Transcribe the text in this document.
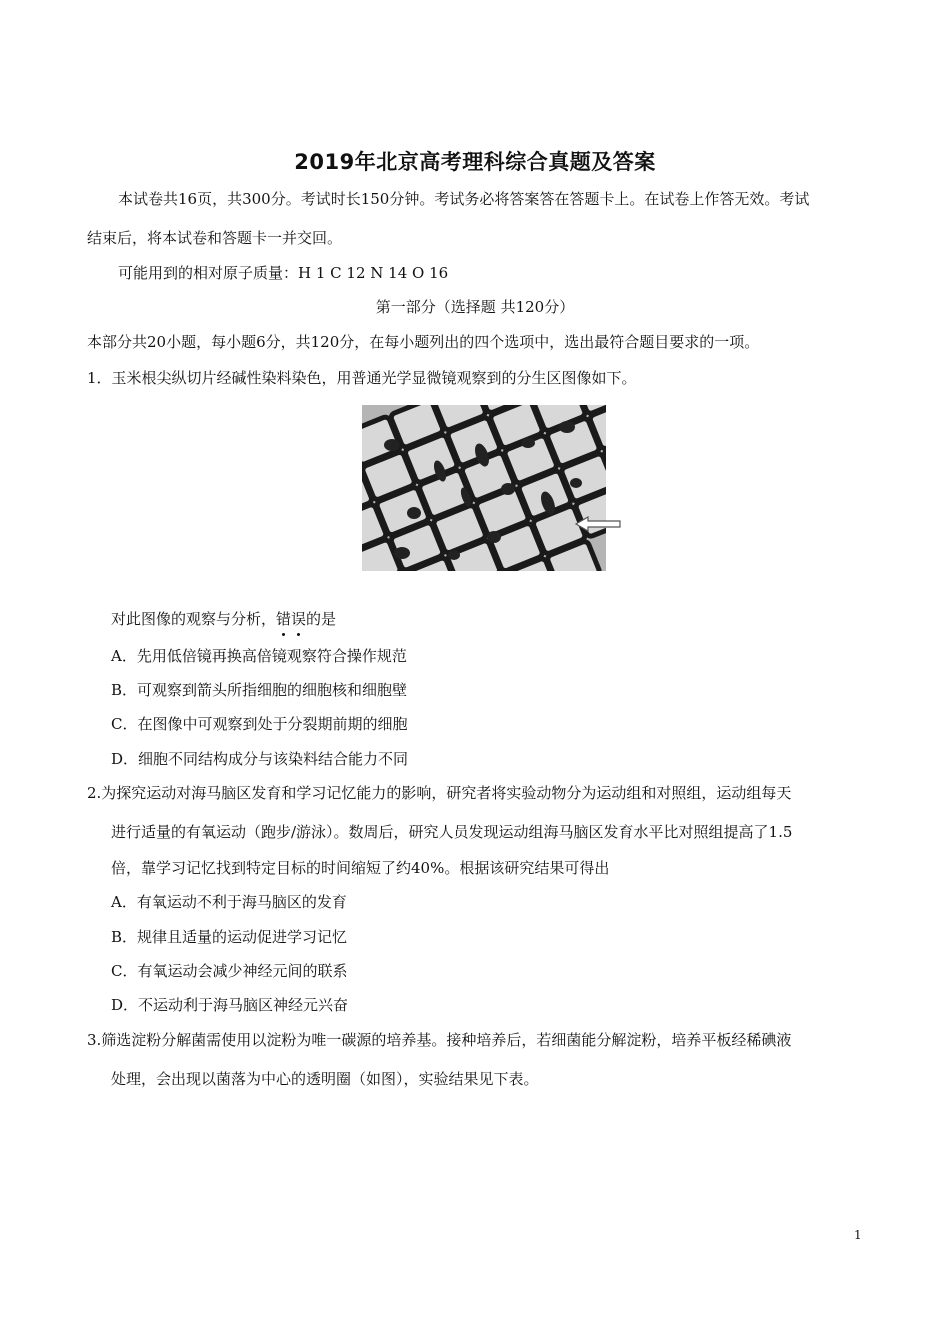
2019年北京高考理科综合真题及答案
本试卷共16页，共300分。考试时长150分钟。考试务必将答案答在答题卡上。在试卷上作答无效。考试
结束后，将本试卷和答题卡一并交回。
可能用到的相对原子质量：H 1 C 12 N 14 O 16
第一部分（选择题 共120分）
本部分共20小题，每小题6分，共120分，在每小题列出的四个选项中，选出最符合题目要求的一项。
1．玉米根尖纵切片经碱性染料染色，用普通光学显微镜观察到的分生区图像如下。
对此图像的观察与分析，错误的是
A．先用低倍镜再换高倍镜观察符合操作规范
B．可观察到箭头所指细胞的细胞核和细胞壁
C．在图像中可观察到处于分裂期前期的细胞
D．细胞不同结构成分与该染料结合能力不同
2.为探究运动对海马脑区发育和学习记忆能力的影响，研究者将实验动物分为运动组和对照组，运动组每天
进行适量的有氧运动（跑步/游泳）。数周后，研究人员发现运动组海马脑区发育水平比对照组提高了1.5
倍，靠学习记忆找到特定目标的时间缩短了约40%。根据该研究结果可得出
A．有氧运动不利于海马脑区的发育
B．规律且适量的运动促进学习记忆
C．有氧运动会减少神经元间的联系
D．不运动利于海马脑区神经元兴奋
3.筛选淀粉分解菌需使用以淀粉为唯一碳源的培养基。接种培养后，若细菌能分解淀粉，培养平板经稀碘液
处理，会出现以菌落为中心的透明圈（如图），实验结果见下表。
1
